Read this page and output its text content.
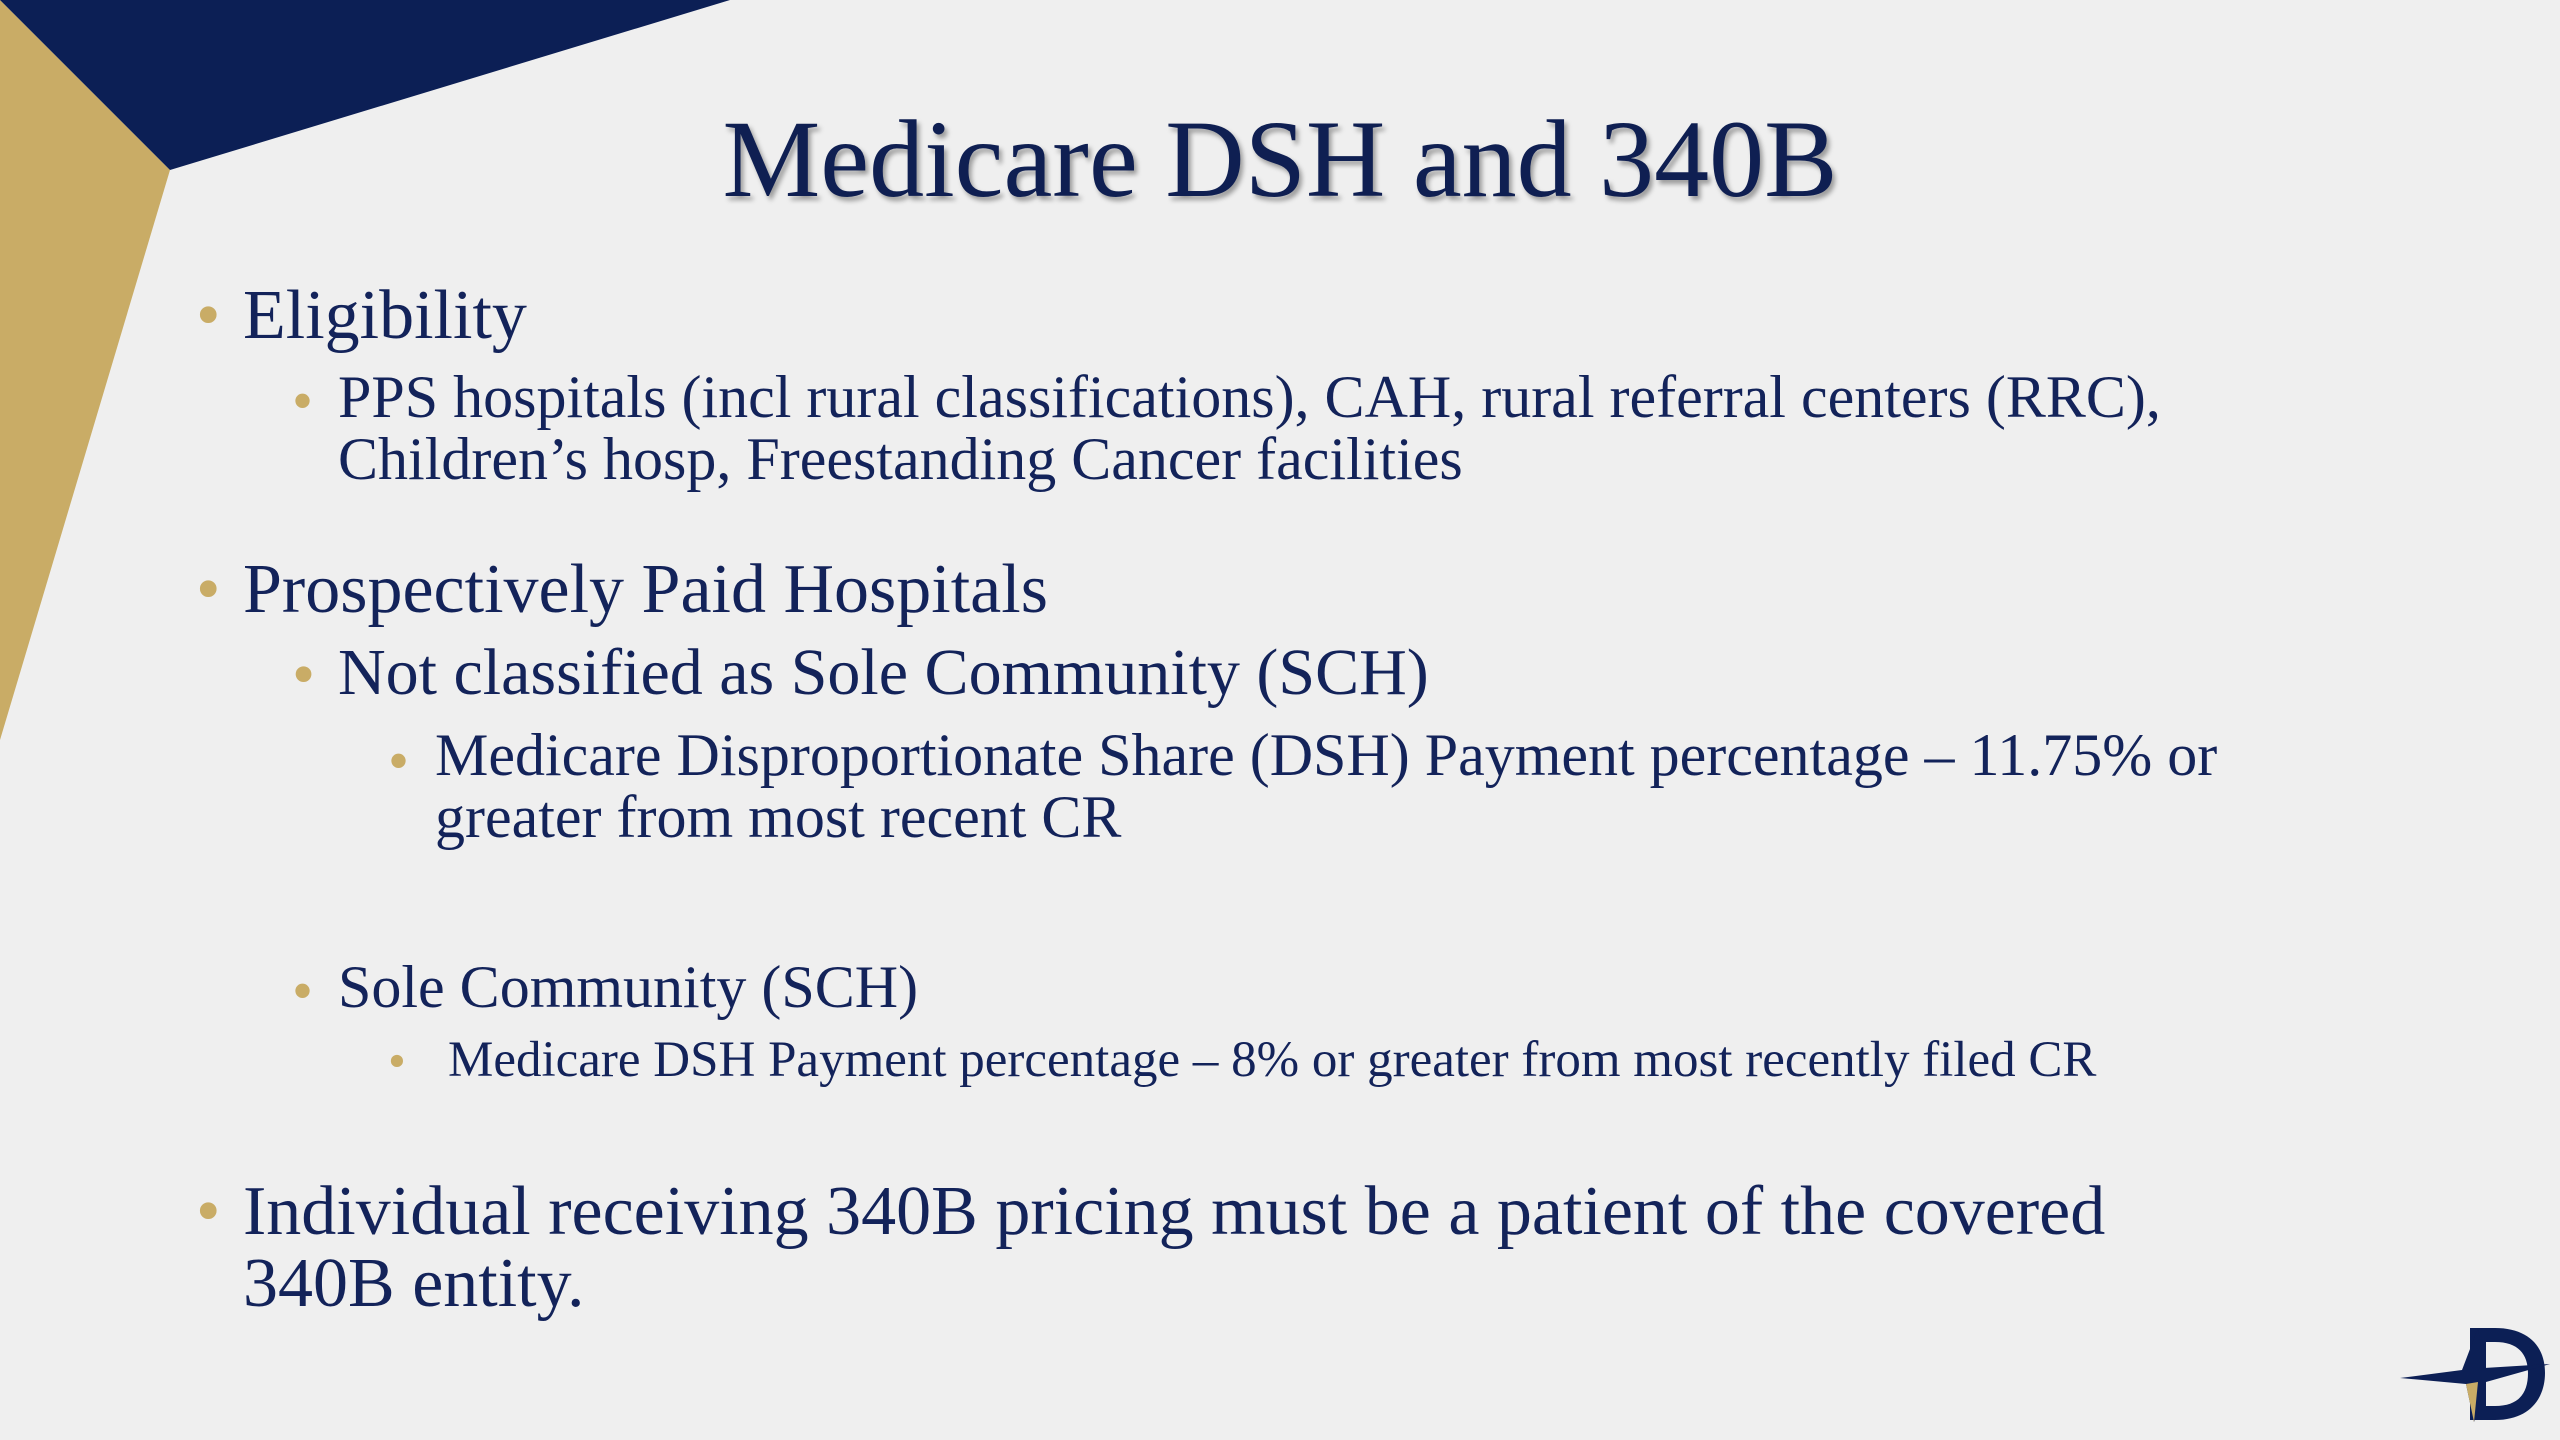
Medicare DSH and 340B
• Eligibility
• PPS hospitals (incl rural classifications), CAH, rural referral centers (RRC),
Children’s hosp, Freestanding Cancer facilities
• Prospectively Paid Hospitals
• Not classified as Sole Community (SCH)
• Medicare Disproportionate Share (DSH) Payment percentage – 11.75% or
greater from most recent CR
• Sole Community (SCH)
• Medicare DSH Payment percentage – 8% or greater from most recently filed CR
• Individual receiving 340B pricing must be a patient of the covered
340B entity.
